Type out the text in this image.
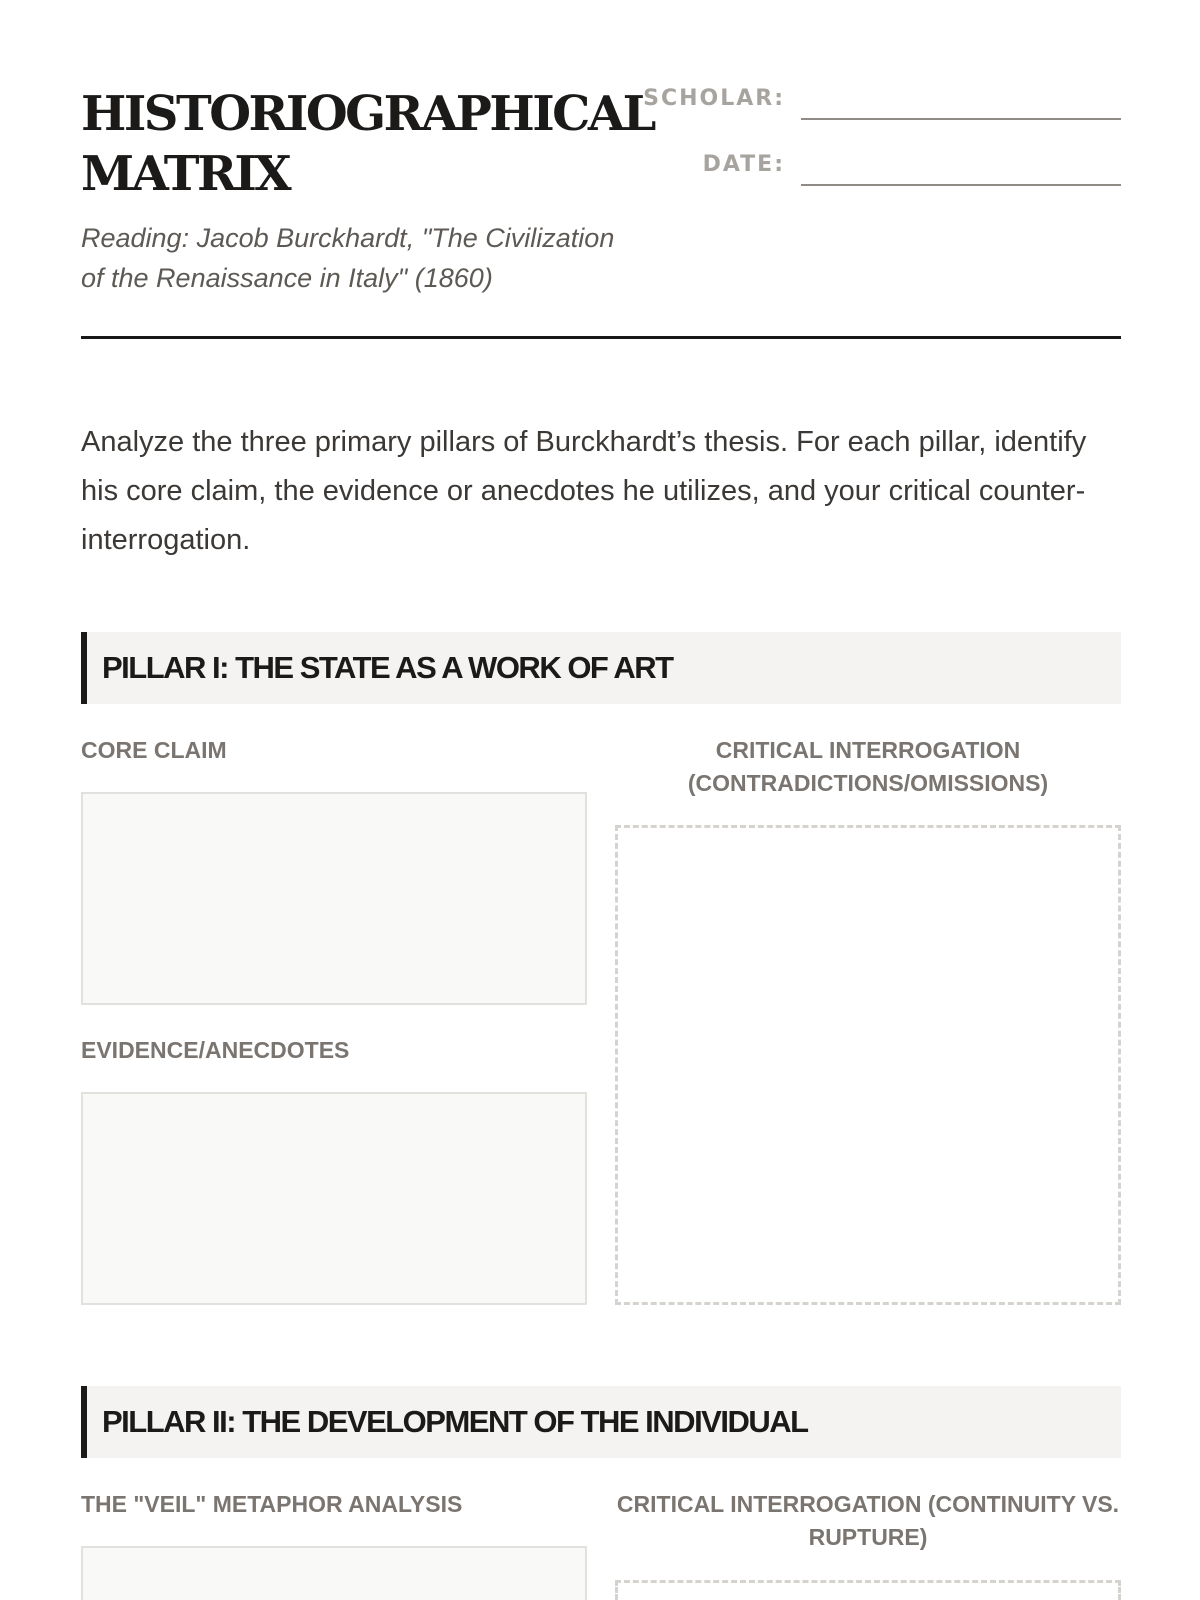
HISTORIOGRAPHICAL
MATRIX

Reading: Jacob Burckhardt, "The Civilization of the Renaissance in Italy" (1860)

SCHOLAR:
DATE:

Analyze the three primary pillars of Burckhardt’s thesis. For each pillar, identify his core claim, the evidence or anecdotes he utilizes, and your critical counter-interrogation.

PILLAR I: THE STATE AS A WORK OF ART

CORE CLAIM	CRITICAL INTERROGATION (CONTRADICTIONS/OMISSIONS)

EVIDENCE/ANECDOTES

PILLAR II: THE DEVELOPMENT OF THE INDIVIDUAL

THE "VEIL" METAPHOR ANALYSIS	CRITICAL INTERROGATION (CONTINUITY VS. RUPTURE)
